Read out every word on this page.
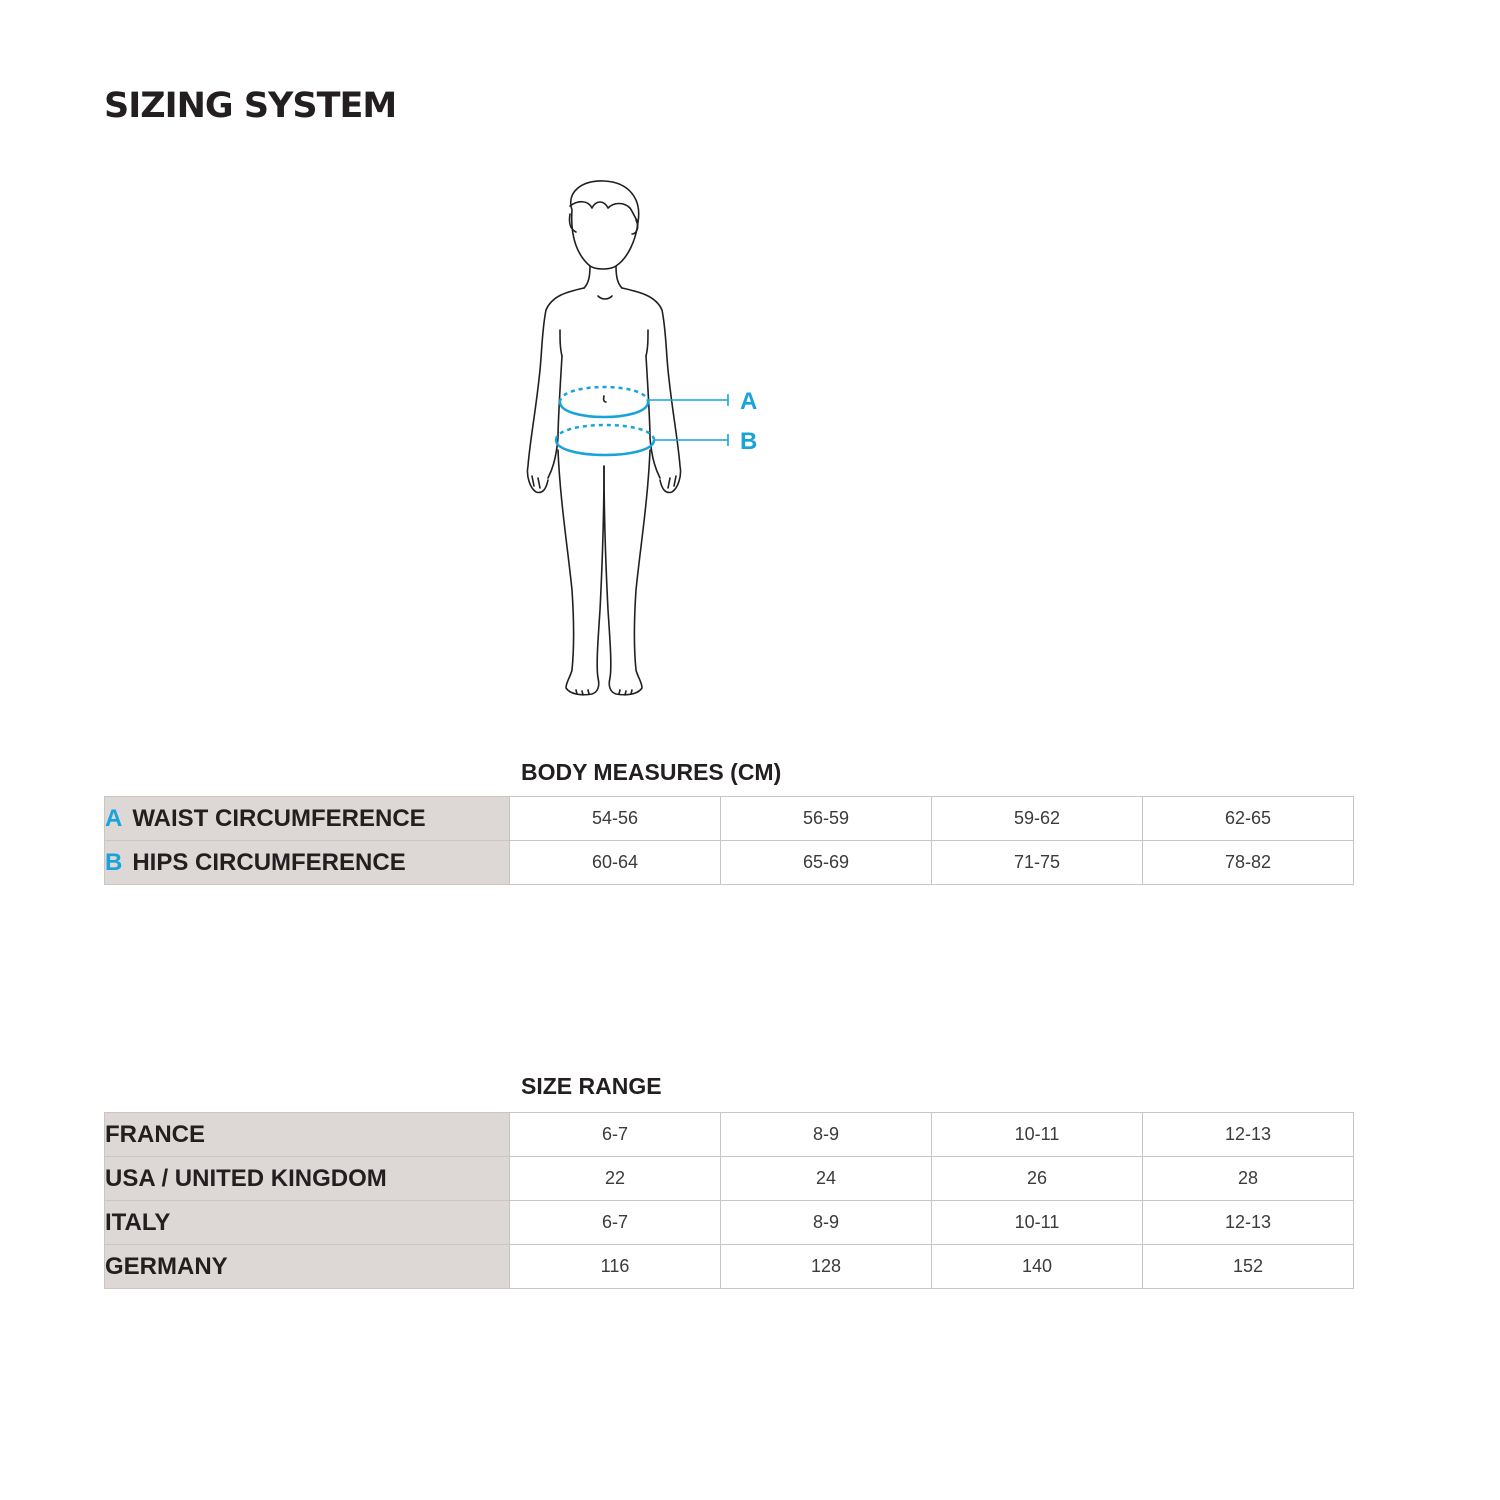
SIZING SYSTEM
A
B
BODY MEASURES (CM)
A WAIST CIRCUMFERENCE	54-56	56-59	59-62	62-65
B HIPS CIRCUMFERENCE	60-64	65-69	71-75	78-82
SIZE RANGE
FRANCE	6-7	8-9	10-11	12-13
USA / UNITED KINGDOM	22	24	26	28
ITALY	6-7	8-9	10-11	12-13
GERMANY	116	128	140	152
